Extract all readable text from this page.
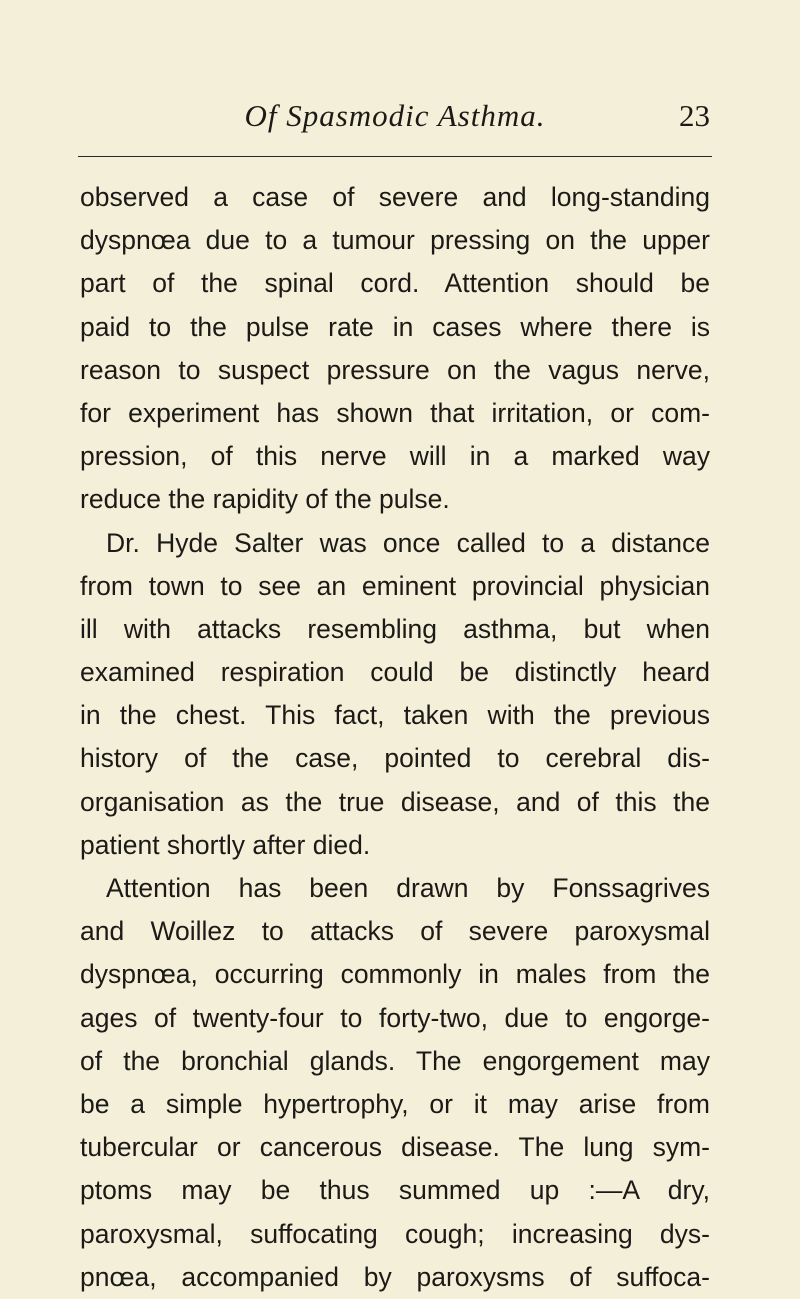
Of Spasmodic Asthma.	23
observed a case of severe and long-standing
dyspnœa due to a tumour pressing on the upper
part of the spinal cord. Attention should be
paid to the pulse rate in cases where there is
reason to suspect pressure on the vagus nerve,
for experiment has shown that irritation, or com-
pression, of this nerve will in a marked way
reduce the rapidity of the pulse.
Dr. Hyde Salter was once called to a distance
from town to see an eminent provincial physician
ill with attacks resembling asthma, but when
examined respiration could be distinctly heard
in the chest. This fact, taken with the previous
history of the case, pointed to cerebral dis-
organisation as the true disease, and of this the
patient shortly after died.
Attention has been drawn by Fonssagrives
and Woillez to attacks of severe paroxysmal
dyspnœa, occurring commonly in males from the
ages of twenty-four to forty-two, due to engorge-
of the bronchial glands. The engorgement may
be a simple hypertrophy, or it may arise from
tubercular or cancerous disease. The lung sym-
ptoms may be thus summed up :—A dry,
paroxysmal, suffocating cough; increasing dys-
pnœa, accompanied by paroxysms of suffoca-
